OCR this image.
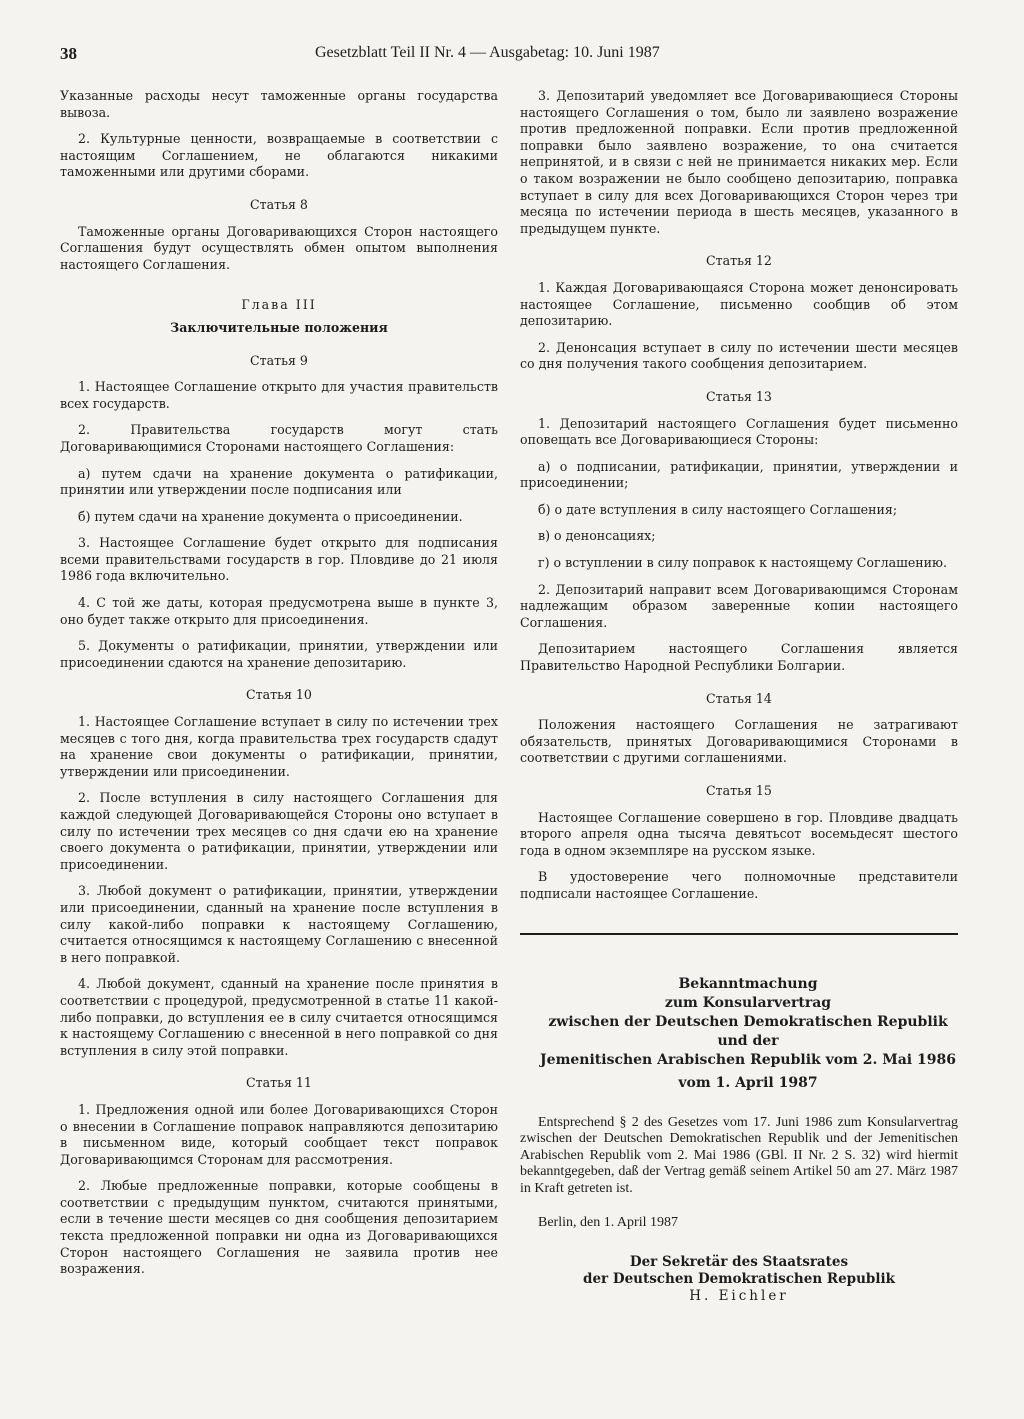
38	Gesetzblatt Teil II Nr. 4 — Ausgabetag: 10. Juni 1987

Указанные расходы несут таможенные органы государства вывоза.

2. Культурные ценности, возвращаемые в соответствии с настоящим Соглашением, не облагаются никакими таможенными или другими сборами.

Статья 8

Таможенные органы Договаривающихся Сторон настоящего Соглашения будут осуществлять обмен опытом выполнения настоящего Соглашения.

Глава III
Заключительные положения
Статья 9

1. Настоящее Соглашение открыто для участия правительств всех государств.

2. Правительства государств могут стать Договаривающимися Сторонами настоящего Соглашения:

а) путем сдачи на хранение документа о ратификации, принятии или утверждении после подписания или

б) путем сдачи на хранение документа о присоединении.

3. Настоящее Соглашение будет открыто для подписания всеми правительствами государств в гор. Пловдиве до 21 июля 1986 года включительно.

4. С той же даты, которая предусмотрена выше в пункте 3, оно будет также открыто для присоединения.

5. Документы о ратификации, принятии, утверждении или присоединении сдаются на хранение депозитарию.

Статья 10

1. Настоящее Соглашение вступает в силу по истечении трех месяцев с того дня, когда правительства трех государств сдадут на хранение свои документы о ратификации, принятии, утверждении или присоединении.

2. После вступления в силу настоящего Соглашения для каждой следующей Договаривающейся Стороны оно вступает в силу по истечении трех месяцев со дня сдачи ею на хранение своего документа о ратификации, принятии, утверждении или присоединении.

3. Любой документ о ратификации, принятии, утверждении или присоединении, сданный на хранение после вступления в силу какой-либо поправки к настоящему Соглашению, считается относящимся к настоящему Соглашению с внесенной в него поправкой.

4. Любой документ, сданный на хранение после принятия в соответствии с процедурой, предусмотренной в статье 11 какой-либо поправки, до вступления ее в силу считается относящимся к настоящему Соглашению с внесенной в него поправкой со дня вступления в силу этой поправки.

Статья 11

1. Предложения одной или более Договаривающихся Сторон о внесении в Соглашение поправок направляются депозитарию в письменном виде, который сообщает текст поправок Договаривающимся Сторонам для рассмотрения.

2. Любые предложенные поправки, которые сообщены в соответствии с предыдущим пунктом, считаются принятыми, если в течение шести месяцев со дня сообщения депозитарием текста предложенной поправки ни одна из Договаривающихся Сторон настоящего Соглашения не заявила против нее возражения.

3. Депозитарий уведомляет все Договаривающиеся Стороны настоящего Соглашения о том, было ли заявлено возражение против предложенной поправки. Если против предложенной поправки было заявлено возражение, то она считается непринятой, и в связи с ней не принимается никаких мер. Если о таком возражении не было сообщено депозитарию, поправка вступает в силу для всех Договаривающихся Сторон через три месяца по истечении периода в шесть месяцев, указанного в предыдущем пункте.

Статья 12

1. Каждая Договаривающаяся Сторона может денонсировать настоящее Соглашение, письменно сообщив об этом депозитарию.

2. Денонсация вступает в силу по истечении шести месяцев со дня получения такого сообщения депозитарием.

Статья 13

1. Депозитарий настоящего Соглашения будет письменно оповещать все Договаривающиеся Стороны:

а) о подписании, ратификации, принятии, утверждении и присоединении;

б) о дате вступления в силу настоящего Соглашения;

в) о денонсациях;

г) о вступлении в силу поправок к настоящему Соглашению.

2. Депозитарий направит всем Договаривающимся Сторонам надлежащим образом заверенные копии настоящего Соглашения.

Депозитарием настоящего Соглашения является Правительство Народной Республики Болгарии.

Статья 14

Положения настоящего Соглашения не затрагивают обязательств, принятых Договаривающимися Сторонами в соответствии с другими соглашениями.

Статья 15

Настоящее Соглашение совершено в гор. Пловдиве двадцать второго апреля одна тысяча девятьсот восемьдесят шестого года в одном экземпляре на русском языке.

В удостоверение чего полномочные представители подписали настоящее Соглашение.

Bekanntmachung

zum Konsularvertrag

zwischen der Deutschen Demokratischen Republik

und der

Jemenitischen Arabischen Republik vom 2. Mai 1986

vom 1. April 1987

Entsprechend § 2 des Gesetzes vom 17. Juni 1986 zum Konsularvertrag zwischen der Deutschen Demokratischen Republik und der Jemenitischen Arabischen Republik vom 2. Mai 1986 (GBl. II Nr. 2 S. 32) wird hiermit bekanntgegeben, daß der Vertrag gemäß seinem Artikel 50 am 27. März 1987 in Kraft getreten ist.

Berlin, den 1. April 1987

Der Sekretär des Staatsrates

der Deutschen Demokratischen Republik

H. Eichler
